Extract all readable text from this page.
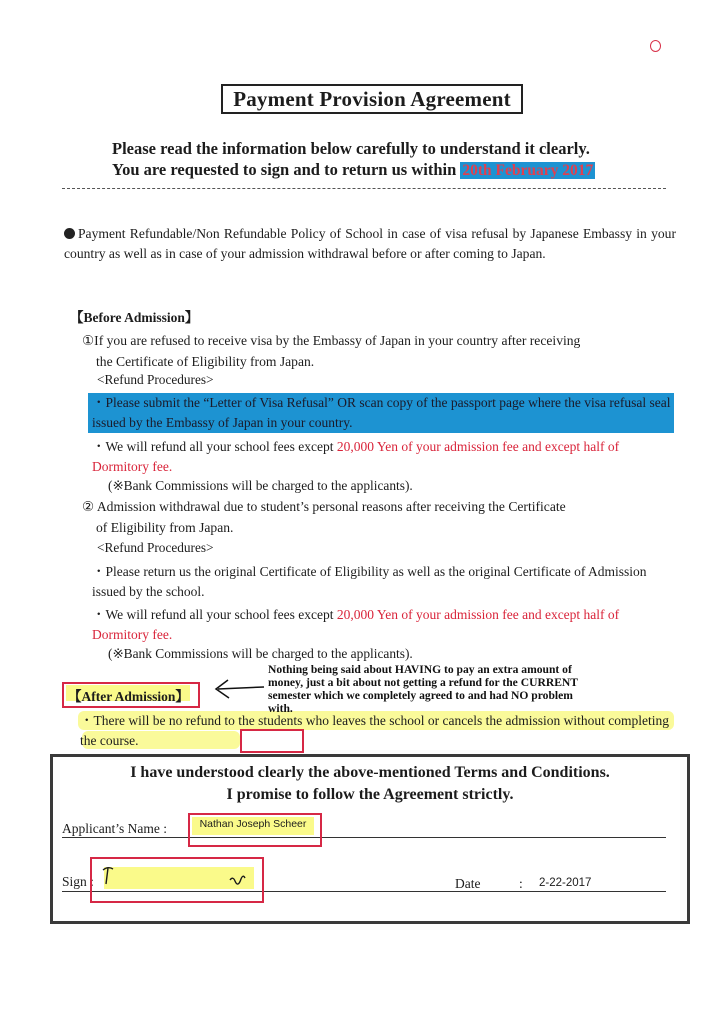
Payment Provision Agreement
Please read the information below carefully to understand it clearly.
You are requested to sign and to return us within 20th February 2017
Payment Refundable/Non Refundable Policy of School in case of visa refusal by Japanese Embassy in your country as well as in case of your admission withdrawal before or after coming to Japan.
【Before Admission】
①If you are refused to receive visa by the Embassy of Japan in your country after receiving
the Certificate of Eligibility from Japan.
<Refund Procedures>
・Please submit the “Letter of Visa Refusal” OR scan copy of the passport page where the visa refusal seal issued by the Embassy of Japan in your country.
・We will refund all your school fees except 20,000 Yen of your admission fee and except half of Dormitory fee.
(※Bank Commissions will be charged to the applicants).
② Admission withdrawal due to student’s personal reasons after receiving the Certificate
of Eligibility from Japan.
<Refund Procedures>
・Please return us the original Certificate of Eligibility as well as the original Certificate of Admission issued by the school.
・We will refund all your school fees except 20,000 Yen of your admission fee and except half of Dormitory fee.
(※Bank Commissions will be charged to the applicants).
【After Admission】
・There will be no refund to the students who leaves the school or cancels the admission without completing the course.
Nothing being said about HAVING to pay an extra amount of money, just a bit about not getting a refund for the CURRENT semester which we completely agreed to and had NO problem with.
I have understood clearly the above-mentioned Terms and Conditions.
I promise to follow the Agreement strictly.
Applicant’s Name :	Nathan Joseph Scheer
Sign :	Date	: 2-22-2017
